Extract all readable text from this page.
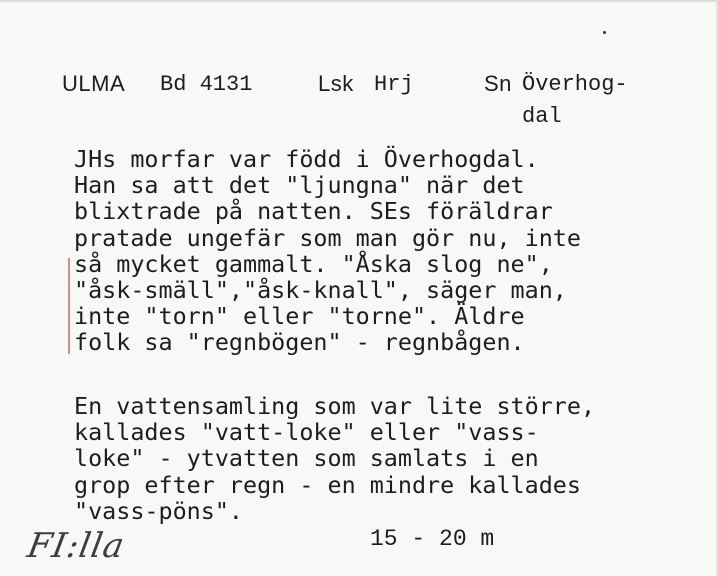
ULMA Bd 4131	Lsk Hrj	Sn Överhog-
dal
JHs morfar var född i Överhogdal.
Han sa att det "ljungna" när det
blixtrade på natten. SEs föräldrar
pratade ungefär som man gör nu, inte
så mycket gammalt. "Åska slog ne",
"åsk-smäll","åsk-knall", säger man,
inte "torn" eller "torne". Äldre
folk sa "regnbögen" - regnbågen.
En vattensamling som var lite större,
kallades "vatt-loke" eller "vass-
loke" - ytvatten som samlats i en
grop efter regn - en mindre kallades
"vass-pöns".
15 - 20 m
FI:lla
